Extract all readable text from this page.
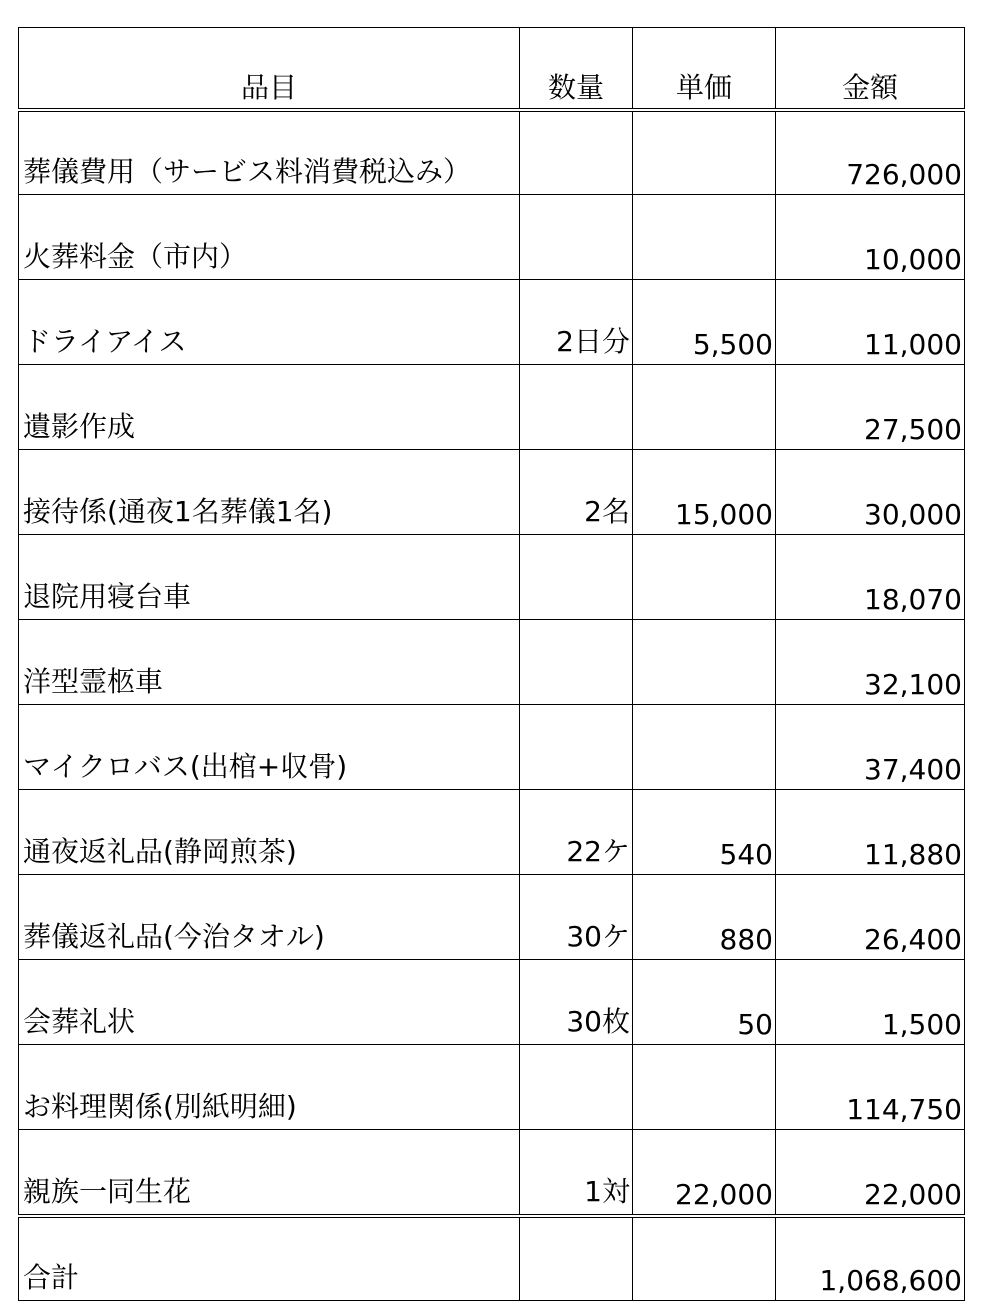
品目	数量	単価	金額
葬儀費用（サービス料消費税込み）			726,000
火葬料金（市内）			10,000
ドライアイス	2日分	5,500	11,000
遺影作成			27,500
接待係(通夜1名葬儀1名)	2名	15,000	30,000
退院用寝台車			18,070
洋型霊柩車			32,100
マイクロバス(出棺+収骨)			37,400
通夜返礼品(静岡煎茶)	22ケ	540	11,880
葬儀返礼品(今治タオル)	30ケ	880	26,400
会葬礼状	30枚	50	1,500
お料理関係(別紙明細)			114,750
親族一同生花	1対	22,000	22,000
合計			1,068,600
